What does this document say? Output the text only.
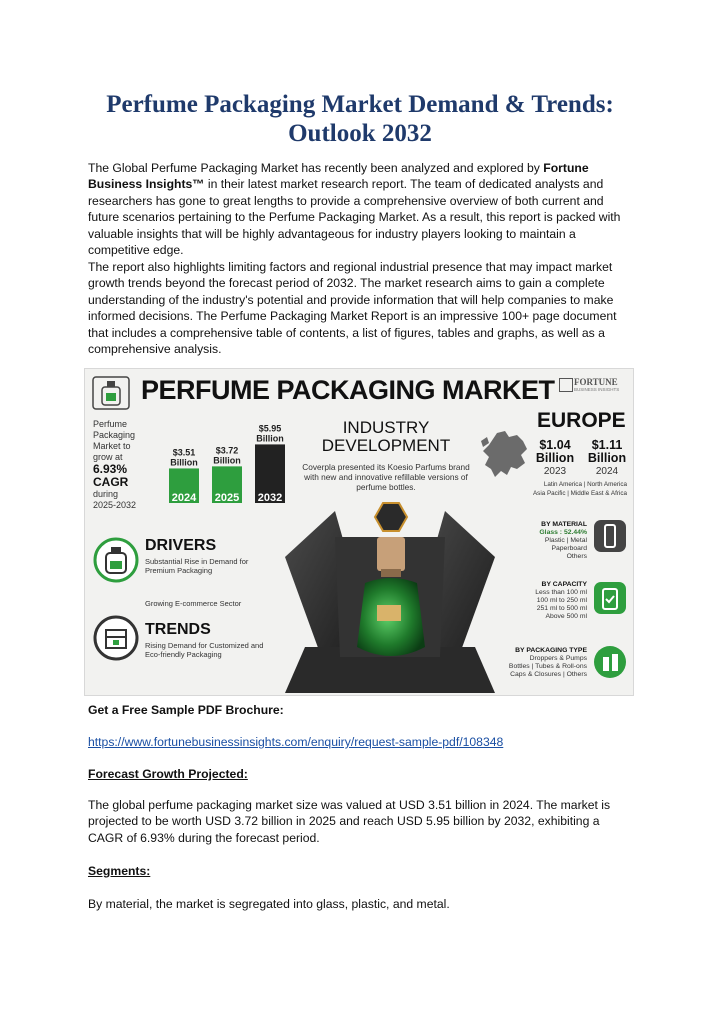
Perfume Packaging Market Demand & Trends:
Outlook 2032

The Global Perfume Packaging Market has recently been analyzed and explored by Fortune Business Insights™ in their latest market research report. The team of dedicated analysts and researchers has gone to great lengths to provide a comprehensive overview of both current and future scenarios pertaining to the Perfume Packaging Market. As a result, this report is packed with valuable insights that will be highly advantageous for industry players looking to maintain a competitive edge.

The report also highlights limiting factors and regional industrial presence that may impact market growth trends beyond the forecast period of 2032. The market research aims to gain a complete understanding of the industry's potential and provide information that will help companies to make informed decisions. The Perfume Packaging Market Report is an impressive 100+ page document that includes a comprehensive table of contents, a list of figures, tables and graphs, as well as a comprehensive analysis.

PERFUME PACKAGING MARKET FORTUNE
BUSINESS INSIGHTS
Perfume Packaging
Market to
grow at
6.93%
CAGR
during
2025-2032
2024
$3.51
Billion
2025
$3.72
Billion
2032
$5.95
Billion
INDUSTRY
DEVELOPMENT
Coverpla presented its Koesio Parfums brand with new and innovative refillable versions of perfume bottles.
EUROPE
$1.04
Billion
2023
$1.11
Billion
2024
Latin America | North America
Asia Pacific | Middle East & Africa
DRIVERS
Substantial Rise in Demand for Premium Packaging
Growing E-commerce Sector
TRENDS
Rising Demand for Customized and Eco-friendly Packaging
BY MATERIAL
Glass : 52.44%
Plastic | Metal
Paperboard
Others
BY CAPACITY
Less than 100 ml
100 ml to 250 ml
251 ml to 500 ml
Above 500 ml
BY PACKAGING TYPE
Droppers & Pumps
Bottles | Tubes & Roll-ons
Caps & Closures | Others
Get a Free Sample PDF Brochure:
https://www.fortunebusinessinsights.com/enquiry/request-sample-pdf/108348
Forecast Growth Projected:

The global perfume packaging market size was valued at USD 3.51 billion in 2024. The market is projected to be worth USD 3.72 billion in 2025 and reach USD 5.95 billion by 2032, exhibiting a CAGR of 6.93% during the forecast period.

Segments:

By material, the market is segregated into glass, plastic, and metal.
